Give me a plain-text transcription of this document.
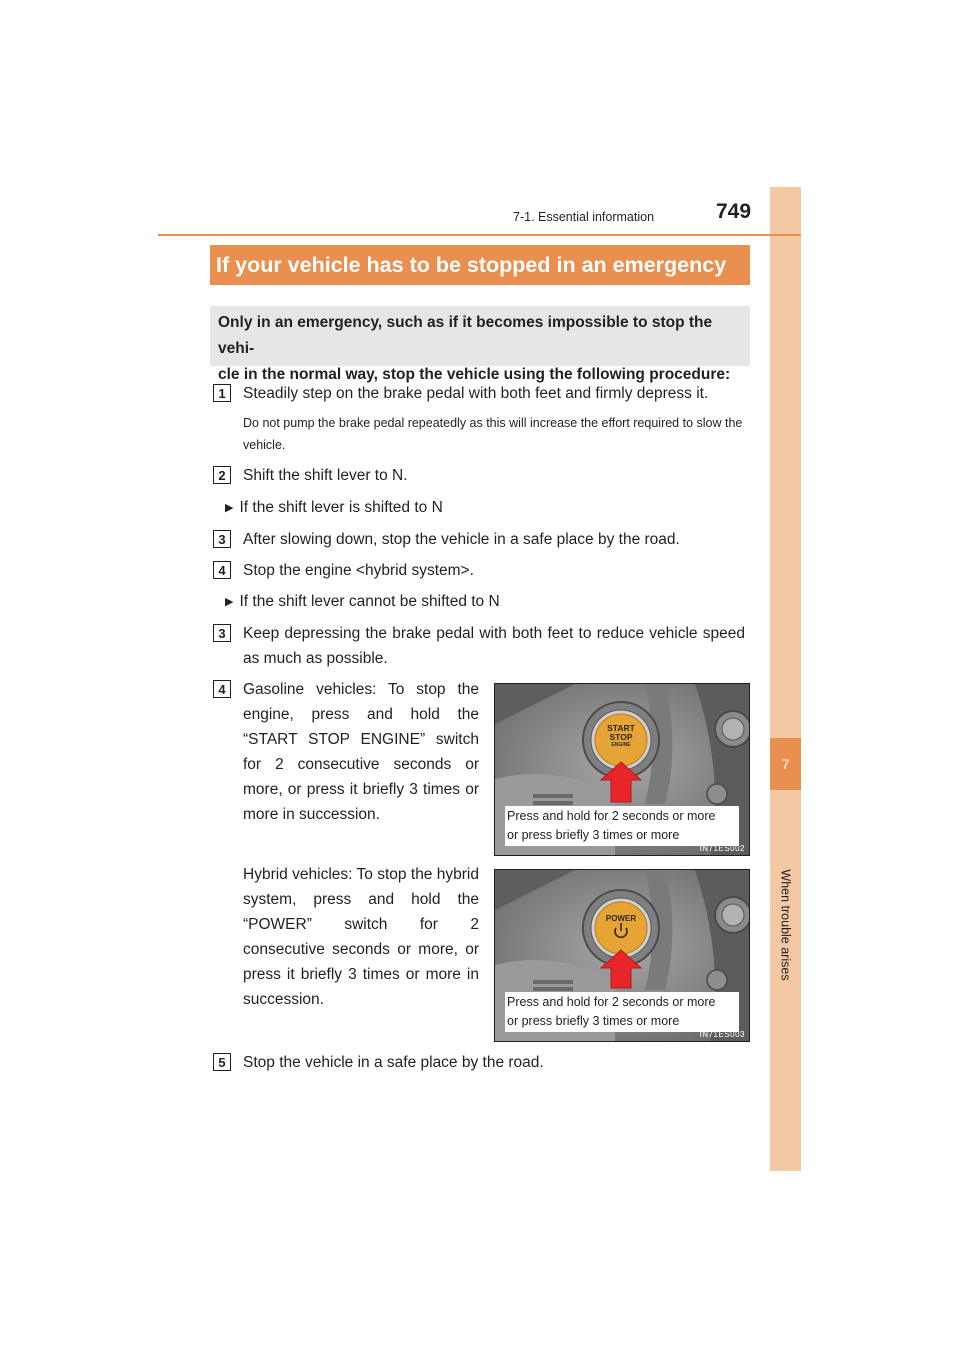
7
When trouble arises
7-1. Essential information	749
If your vehicle has to be stopped in an emergency
Only in an emergency, such as if it becomes impossible to stop the vehi-
cle in the normal way, stop the vehicle using the following procedure:
1	Steadily step on the brake pedal with both feet and firmly depress it.
Do not pump the brake pedal repeatedly as this will increase the effort required to slow the vehicle.
2	Shift the shift lever to N.
▶ If the shift lever is shifted to N
3	After slowing down, stop the vehicle in a safe place by the road.
4	Stop the engine <hybrid system>.
▶ If the shift lever cannot be shifted to N
3	Keep depressing the brake pedal with both feet to reduce vehicle speed as much as possible.
4	Gasoline vehicles: To stop the engine, press and hold the “START STOP ENGINE” switch for 2 consecutive seconds or more, or press it briefly 3 times or more in succession.
Hybrid vehicles: To stop the hybrid system, press and hold the “POWER” switch for 2 consecutive seconds or more, or press it briefly 3 times or more in succession.
START
STOP
ENGINE
Press and hold for 2 seconds or more
or press briefly 3 times or more
IN71ES002
POWER
Press and hold for 2 seconds or more
or press briefly 3 times or more
IN71ES003
5	Stop the vehicle in a safe place by the road.
